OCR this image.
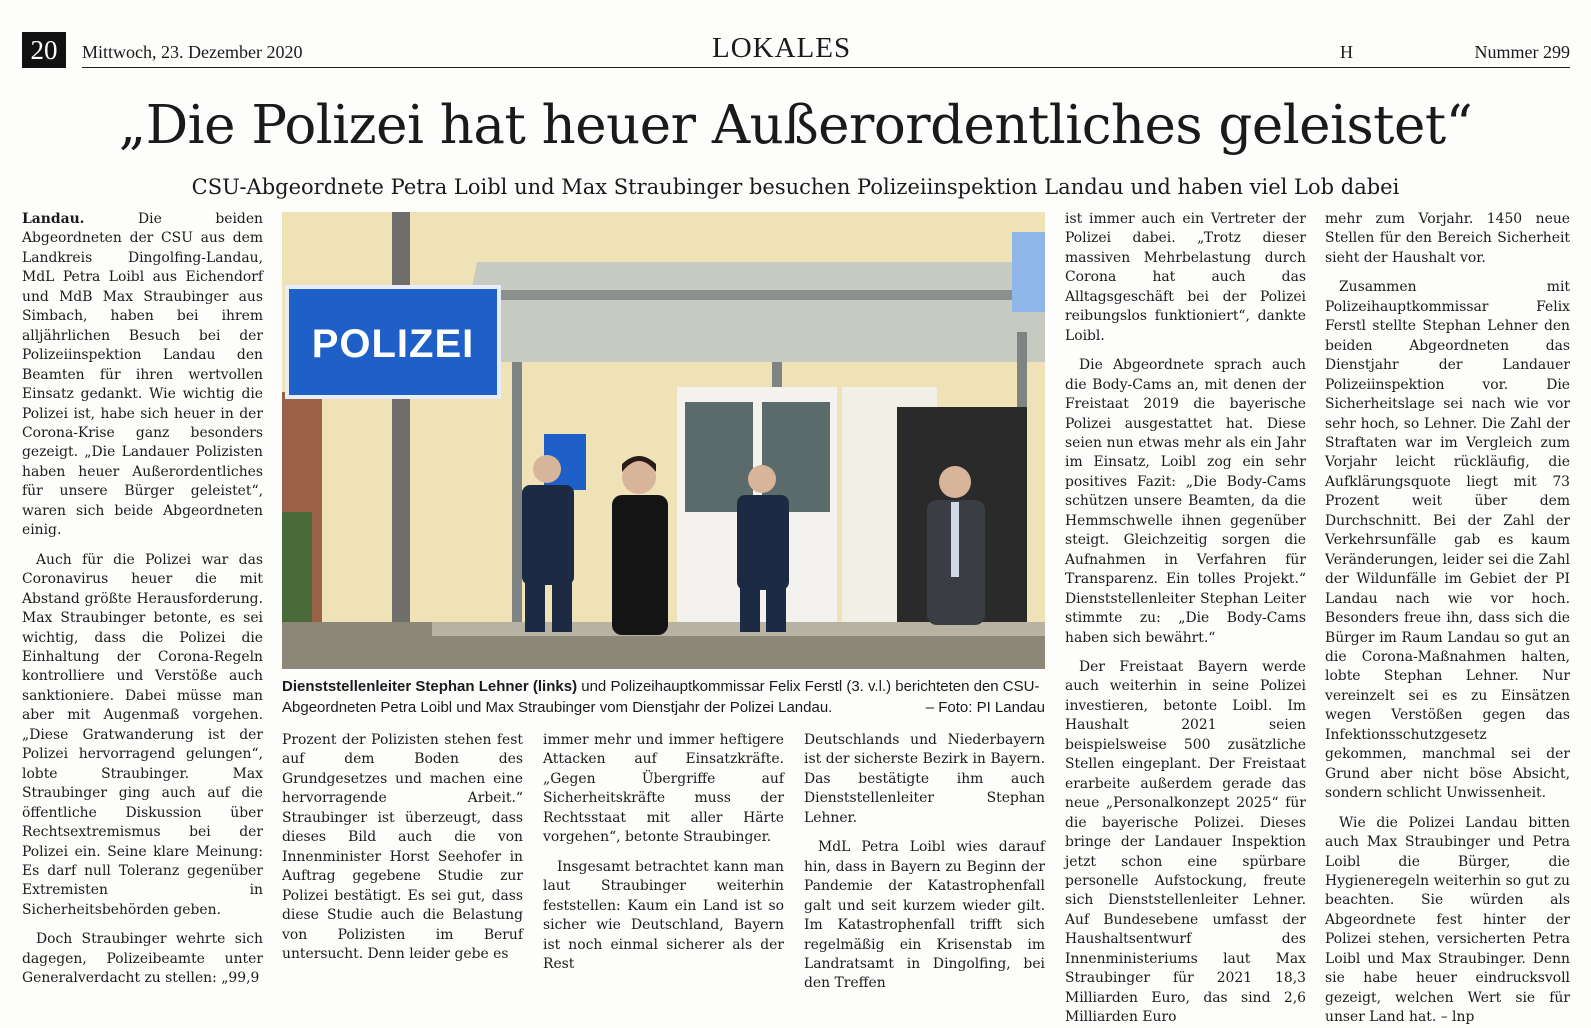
20	Mittwoch, 23. Dezember 2020	LOKALES	H	Nummer 299
„Die Polizei hat heuer Außerordentliches geleistet“
CSU-Abgeordnete Petra Loibl und Max Straubinger besuchen Polizeiinspektion Landau und haben viel Lob dabei

Landau.	Die beiden Abgeordneten der CSU aus dem Landkreis Dingolfing-Landau, MdL Petra Loibl aus Eichendorf und MdB Max Straubinger aus Simbach, haben bei ihrem alljährlichen Besuch bei der Polizeiinspektion Landau den Beamten für ihren wertvollen Einsatz gedankt. Wie wichtig die Polizei ist, habe sich heuer in der Corona-Krise ganz besonders gezeigt. „Die Landauer Polizisten haben heuer Außerordentliches für unsere Bürger geleistet“, waren sich beide Abgeordneten einig.

Auch für die Polizei war das Coronavirus heuer die mit Abstand größte Herausforderung. Max Straubinger betonte, es sei wichtig, dass die Polizei die Einhaltung der Corona-Regeln kontrolliere und Verstöße auch sanktioniere. Dabei müsse man aber mit Augenmaß vorgehen. „Diese Gratwanderung ist der Polizei hervorragend gelungen“, lobte Straubinger. Max Straubinger ging auch auf die öffentliche Diskussion über Rechtsextremismus bei der Polizei ein. Seine klare Meinung: Es darf null Toleranz gegenüber Extremisten in Sicherheitsbehörden geben.

Doch Straubinger wehrte sich dagegen, Polizeibeamte unter Generalverdacht zu stellen: „99,9

POLIZEI
Dienststellenleiter Stephan Lehner (links) und Polizeihauptkommissar Felix Ferstl (3. v.l.) berichteten den CSU-Abgeordneten Petra Loibl und Max Straubinger vom Dienstjahr der Polizei Landau.	– Foto: PI Landau

Prozent der Polizisten stehen fest auf dem Boden des Grundgesetzes und machen eine hervorragende Arbeit.“ Straubinger ist überzeugt, dass dieses Bild auch die von Innenminister Horst Seehofer in Auftrag gegebene Studie zur Polizei bestätigt. Es sei gut, dass diese Studie auch die Belastung von Polizisten im Beruf untersucht. Denn leider gebe es

immer mehr und immer heftigere Attacken auf Einsatzkräfte. „Gegen Übergriffe auf Sicherheitskräfte muss der Rechtsstaat mit aller Härte vorgehen“, betonte Straubinger.

Insgesamt betrachtet kann man laut Straubinger weiterhin feststellen: Kaum ein Land ist so sicher wie Deutschland, Bayern ist noch einmal sicherer als der Rest

Deutschlands und Niederbayern ist der sicherste Bezirk in Bayern. Das bestätigte ihm auch Dienststellenleiter Stephan Lehner.

MdL Petra Loibl wies darauf hin, dass in Bayern zu Beginn der Pandemie der Katastrophenfall galt und seit kurzem wieder gilt. Im Katastrophenfall trifft sich regelmäßig ein Krisenstab im Landratsamt in Dingolfing, bei den Treffen

ist immer auch ein Vertreter der Polizei dabei. „Trotz dieser massiven Mehrbelastung durch Corona hat auch das Alltagsgeschäft bei der Polizei reibungslos funktioniert“, dankte Loibl.

Die Abgeordnete sprach auch die Body-Cams an, mit denen der Freistaat 2019 die bayerische Polizei ausgestattet hat. Diese seien nun etwas mehr als ein Jahr im Einsatz, Loibl zog ein sehr positives Fazit: „Die Body-Cams schützen unsere Beamten, da die Hemmschwelle ihnen gegenüber steigt. Gleichzeitig sorgen die Aufnahmen in Verfahren für Transparenz. Ein tolles Projekt.“ Dienststellenleiter Stephan Leiter stimmte zu: „Die Body-Cams haben sich bewährt.“

Der Freistaat Bayern werde auch weiterhin in seine Polizei investieren, betonte Loibl. Im Haushalt 2021 seien beispielsweise 500 zusätzliche Stellen eingeplant. Der Freistaat erarbeite außerdem gerade das neue „Personalkonzept 2025“ für die bayerische Polizei. Dieses bringe der Landauer Inspektion jetzt schon eine spürbare personelle Aufstockung, freute sich Dienststellenleiter Lehner. Auf Bundesebene umfasst der Haushaltsentwurf des Innenministeriums laut Max Straubinger für 2021 18,3 Milliarden Euro, das sind 2,6 Milliarden Euro

mehr zum Vorjahr. 1450 neue Stellen für den Bereich Sicherheit sieht der Haushalt vor.

Zusammen mit Polizeihauptkommissar Felix Ferstl stellte Stephan Lehner den beiden Abgeordneten das Dienstjahr der Landauer Polizeiinspektion vor. Die Sicherheitslage sei nach wie vor sehr hoch, so Lehner. Die Zahl der Straftaten war im Vergleich zum Vorjahr leicht rückläufig, die Aufklärungsquote liegt mit 73 Prozent weit über dem Durchschnitt. Bei der Zahl der Verkehrsunfälle gab es kaum Veränderungen, leider sei die Zahl der Wildunfälle im Gebiet der PI Landau nach wie vor hoch. Besonders freue ihn, dass sich die Bürger im Raum Landau so gut an die Corona-Maßnahmen halten, lobte Stephan Lehner. Nur vereinzelt sei es zu Einsätzen wegen Verstößen gegen das Infektionsschutzgesetz gekommen, manchmal sei der Grund aber nicht böse Absicht, sondern schlicht Unwissenheit.

Wie die Polizei Landau bitten auch Max Straubinger und Petra Loibl die Bürger, die Hygieneregeln weiterhin so gut zu beachten. Sie würden als Abgeordnete fest hinter der Polizei stehen, versicherten Petra Loibl und Max Straubinger. Denn sie habe heuer eindrucksvoll gezeigt, welchen Wert sie für unser Land hat. – lnp
